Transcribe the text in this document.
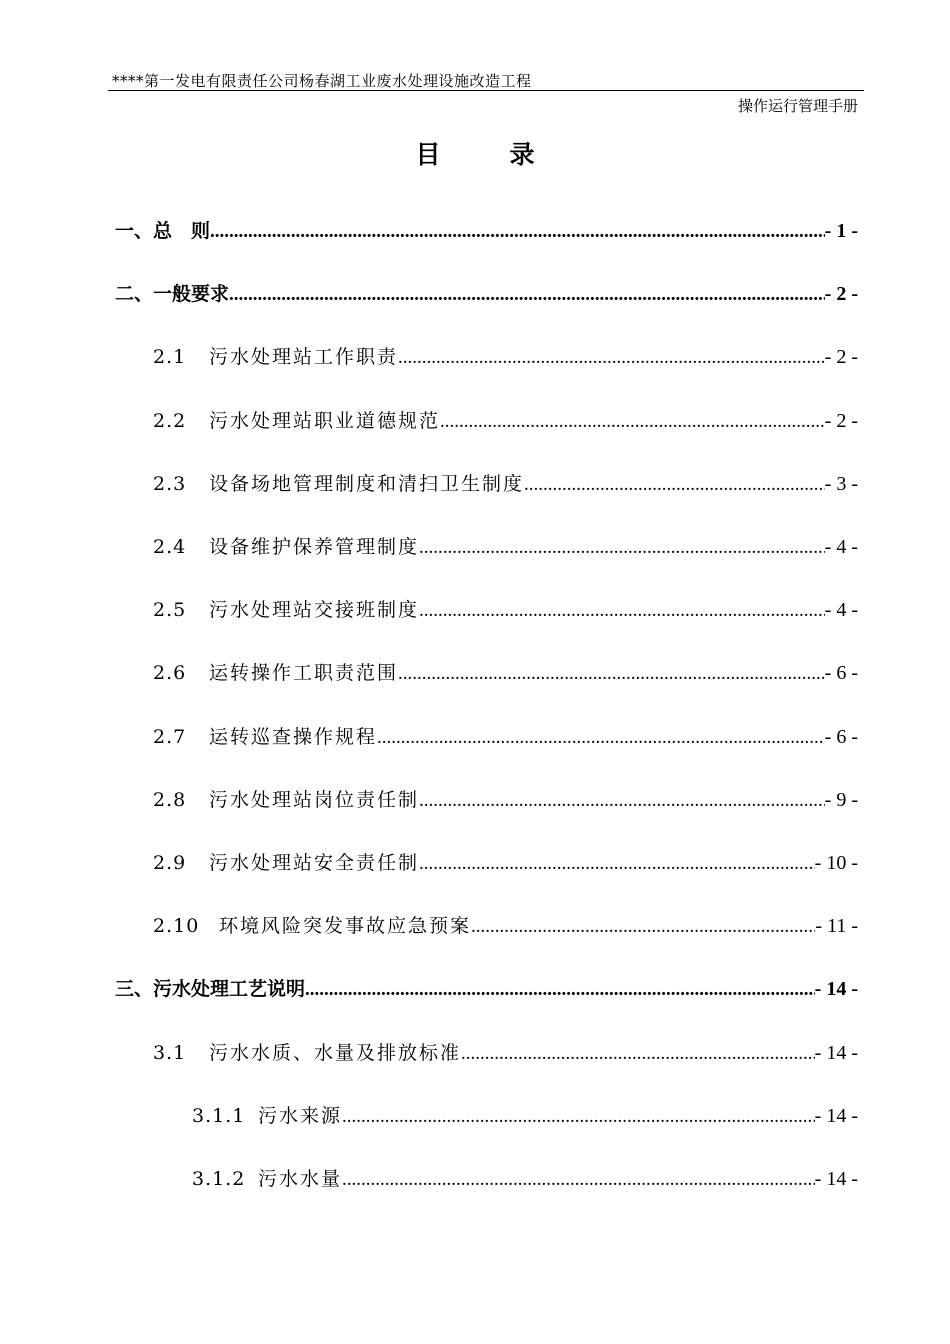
****第一发电有限责任公司杨春湖工业废水处理设施改造工程
操作运行管理手册
目　录
一、总　则 .....	- 1 -
二、一般要求 .....	- 2 -
2.1	污水处理站工作职责 .....	- 2 -
2.2	污水处理站职业道德规范 .....	- 2 -
2.3	设备场地管理制度和清扫卫生制度 .....	- 3 -
2.4	设备维护保养管理制度 .....	- 4 -
2.5	污水处理站交接班制度 .....	- 4 -
2.6	运转操作工职责范围 .....	- 6 -
2.7	运转巡查操作规程 .....	- 6 -
2.8	污水处理站岗位责任制 .....	- 9 -
2.9	污水处理站安全责任制 .....	- 10 -
2.10	环境风险突发事故应急预案 .....	- 11 -
三、污水处理工艺说明 .....	- 14 -
3.1	污水水质、水量及排放标准 .....	- 14 -
3.1.1 污水来源 .....	- 14 -
3.1.2 污水水量 .....	- 14 -
